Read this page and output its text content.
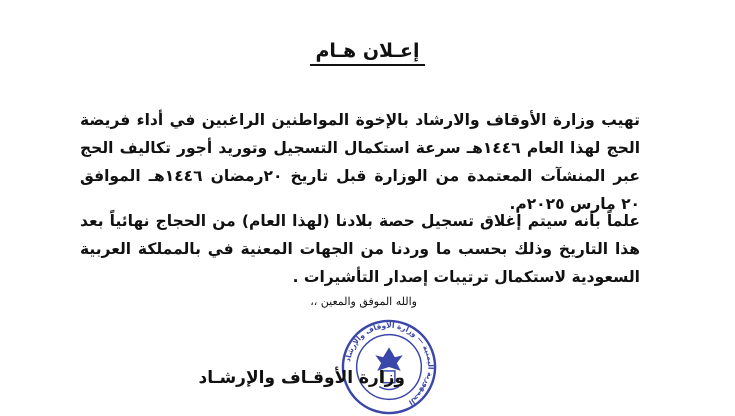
إعـلان هـام
تهيب وزارة الأوقاف والارشاد بالإخوة المواطنين الراغبين في أداء فريضة الحج لهذا العام ١٤٤٦هـ سرعة استكمال التسجيل وتوريد أجور تكاليف الحج عبر المنشآت المعتمدة من الوزارة قبل تاريخ ٢٠رمضان ١٤٤٦هـ الموافق ٢٠ مارس ٢٠٢٥م.
علماً بأنه سيتم إغلاق تسجيل حصة بلادنا (لهذا العام) من الحجاج نهائياً بعد هذا التاريخ وذلك بحسب ما وردنا من الجهات المعنية في بالمملكة العربية السعودية لاستكمال ترتيبات إصدار التأشيرات .
والله الموفق والمعين ،،
الجمهورية اليمنية — وزارة الأوقاف والإرشاد
وزارة الأوقـاف والإرشـاد
